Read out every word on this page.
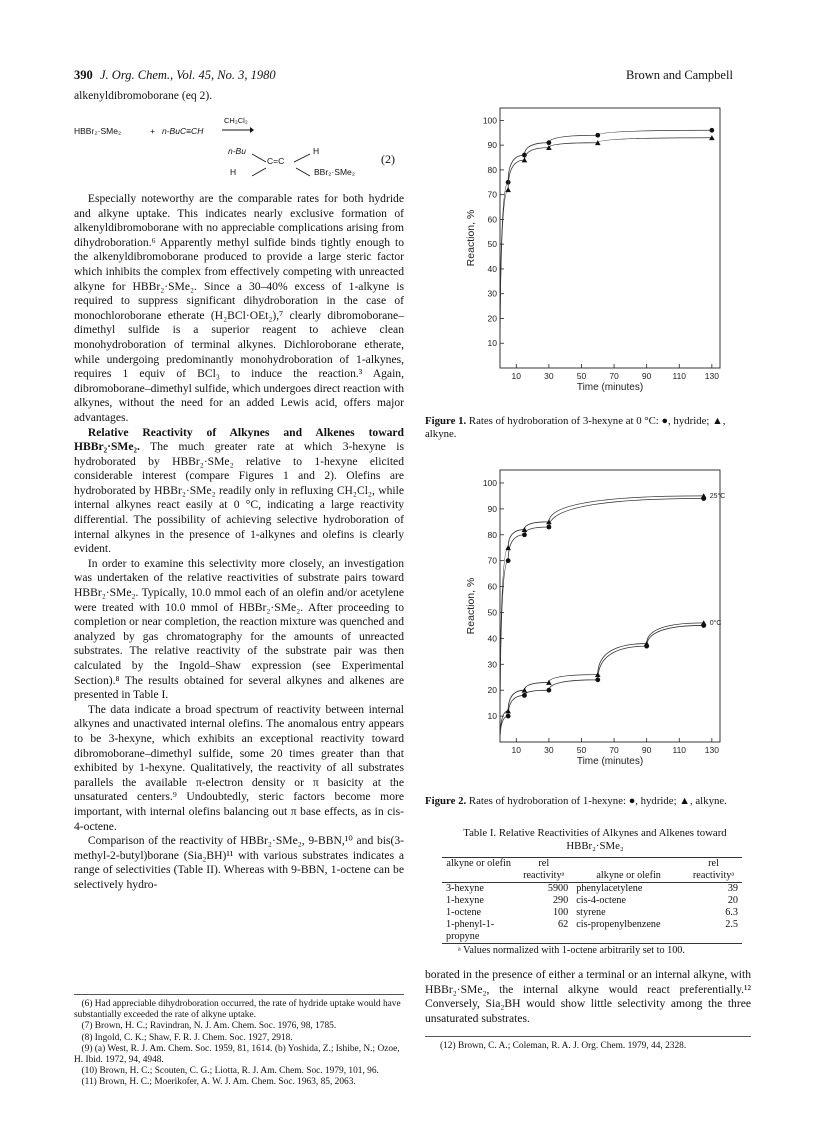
390 J. Org. Chem., Vol. 45, No. 3, 1980	Brown and Campbell

alkenyldibromoborane (eq 2).

HBBr₂·SMe₂	+ n-BuC≡CH
CH₂Cl₂
n-Bu	H
C=C
H	BBr₂·SMe₂
(2)

Especially noteworthy are the comparable rates for both hydride and alkyne uptake. This indicates nearly exclusive formation of alkenyldibromoborane with no appreciable complications arising from dihydroboration.⁶ Apparently methyl sulfide binds tightly enough to the alkenyldibromoborane produced to provide a large steric factor which inhibits the complex from effectively competing with unreacted alkyne for HBBr₂·SMe₂. Since a 30–40% excess of 1-alkyne is required to suppress significant dihydroboration in the case of monochloroborane etherate (H₂BCl·OEt₂),⁷ clearly dibromoborane–dimethyl sulfide is a superior reagent to achieve clean monohydroboration of terminal alkynes. Dichloroborane etherate, while undergoing predominantly monohydroboration of 1-alkynes, requires 1 equiv of BCl₃ to induce the reaction.³ Again, dibromoborane–dimethyl sulfide, which undergoes direct reaction with alkynes, without the need for an added Lewis acid, offers major advantages.

Relative Reactivity of Alkynes and Alkenes toward HBBr₂·SMe₂. The much greater rate at which 3-hexyne is hydroborated by HBBr₂·SMe₂ relative to 1-hexyne elicited considerable interest (compare Figures 1 and 2). Olefins are hydroborated by HBBr₂·SMe₂ readily only in refluxing CH₂Cl₂, while internal alkynes react easily at 0 °C, indicating a large reactivity differential. The possibility of achieving selective hydroboration of internal alkynes in the presence of 1-alkynes and olefins is clearly evident.

In order to examine this selectivity more closely, an investigation was undertaken of the relative reactivities of substrate pairs toward HBBr₂·SMe₂. Typically, 10.0 mmol each of an olefin and/or acetylene were treated with 10.0 mmol of HBBr₂·SMe₂. After proceeding to completion or near completion, the reaction mixture was quenched and analyzed by gas chromatography for the amounts of unreacted substrates. The relative reactivity of the substrate pair was then calculated by the Ingold–Shaw expression (see Experimental Section).⁸ The results obtained for several alkynes and alkenes are presented in Table I.

The data indicate a broad spectrum of reactivity between internal alkynes and unactivated internal olefins. The anomalous entry appears to be 3-hexyne, which exhibits an exceptional reactivity toward dibromoborane–dimethyl sulfide, some 20 times greater than that exhibited by 1-hexyne. Qualitatively, the reactivity of all substrates parallels the available π-electron density or π basicity at the unsaturated centers.⁹ Undoubtedly, steric factors become more important, with internal olefins balancing out π base effects, as in cis-4-octene.

Comparison of the reactivity of HBBr₂·SMe₂, 9-BBN,¹⁰ and bis(3-methyl-2-butyl)borane (Sia₂BH)¹¹ with various substrates indicates a range of selectivities (Table II). Whereas with 9-BBN, 1-octene can be selectively hydro-

(6) Had appreciable dihydroboration occurred, the rate of hydride uptake would have substantially exceeded the rate of alkyne uptake.
(7) Brown, H. C.; Ravindran, N. J. Am. Chem. Soc. 1976, 98, 1785.
(8) Ingold, C. K.; Shaw, F. R. J. Chem. Soc. 1927, 2918.
(9) (a) West, R. J. Am. Chem. Soc. 1959, 81, 1614. (b) Yoshida, Z.; Ishibe, N.; Ozoe, H. Ibid. 1972, 94, 4948.
(10) Brown, H. C.; Scouten, C. G.; Liotta, R. J. Am. Chem. Soc. 1979, 101, 96.
(11) Brown, H. C.; Moerikofer, A. W. J. Am. Chem. Soc. 1963, 85, 2063.
10
20
30
40
50
60
70
80
90
100
10	30	50	70	90 110 130
Time (minutes)
Reaction, %
Figure 1. Rates of hydroboration of 3-hexyne at 0 °C: ●, hydride; ▲, alkyne.
10
20
30
40
50
60
70
80
90
100
10	30	50	70	90 110 130
Time (minutes)
Reaction, %
25°C
0°C
Figure 2. Rates of hydroboration of 1-hexyne: ●, hydride; ▲, alkyne.
Table I. Relative Reactivities of Alkynes and Alkenes toward HBBr₂·SMe₂
alkyne or olefin	rel reactivityᵃ	alkyne or olefin	rel reactivityᵃ
3-hexyne	5900	phenylacetylene	39
1-hexyne	290	cis-4-octene	20
1-octene	100	styrene	6.3
1-phenyl-1-propyne	62	cis-propenylbenzene	2.5
ᵃ Values normalized with 1-octene arbitrarily set to 100.

borated in the presence of either a terminal or an internal alkyne, with HBBr₂·SMe₂, the internal alkyne would react preferentially.¹² Conversely, Sia₂BH would show little selectivity among the three unsaturated substrates.

(12) Brown, C. A.; Coleman, R. A. J. Org. Chem. 1979, 44, 2328.
